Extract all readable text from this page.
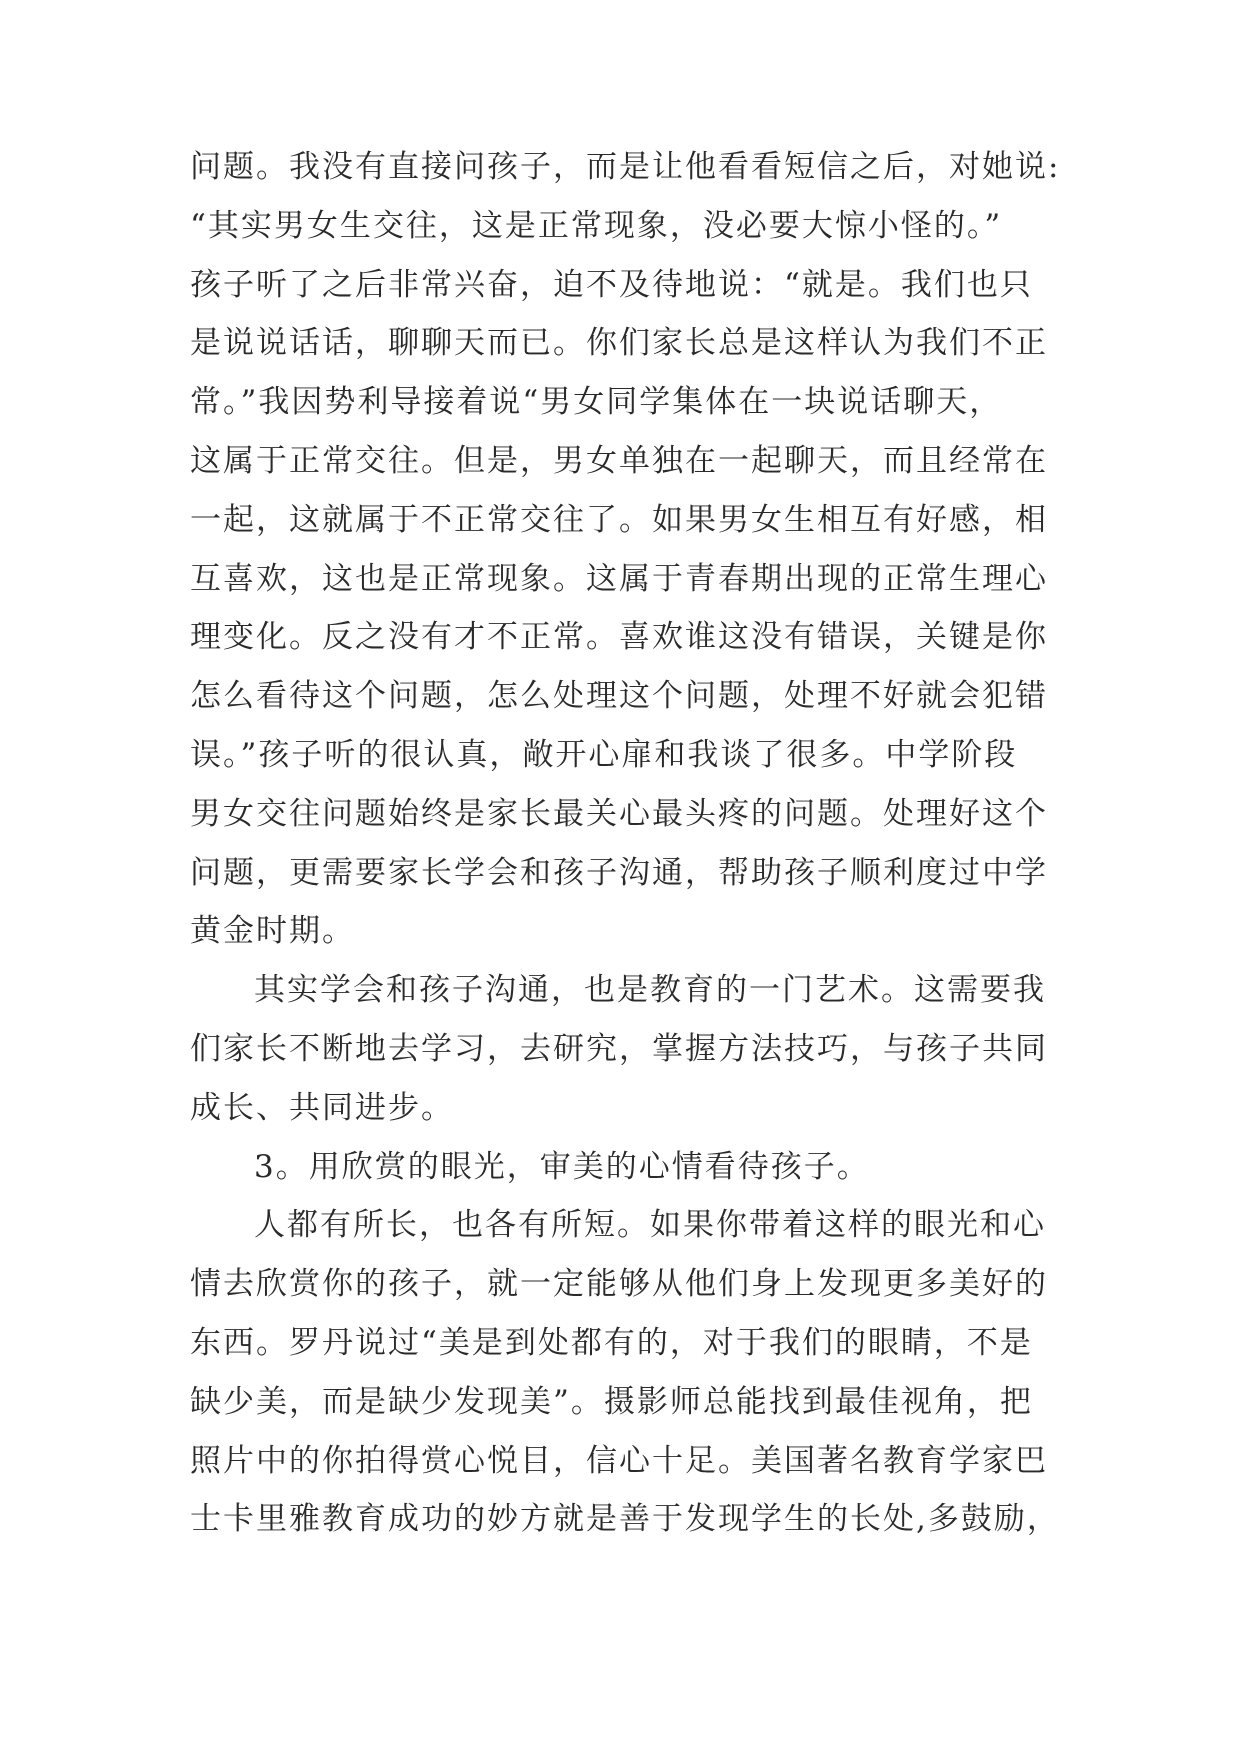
问题。我没有直接问孩子，而是让他看看短信之后，对她说:
“其实男女生交往，这是正常现象，没必要大惊小怪的。”
孩子听了之后非常兴奋，迫不及待地说：“就是。我们也只
是说说话话，聊聊天而已。你们家长总是这样认为我们不正
常。”我因势利导接着说“男女同学集体在一块说话聊天，
这属于正常交往。但是，男女单独在一起聊天，而且经常在
一起，这就属于不正常交往了。如果男女生相互有好感，相
互喜欢，这也是正常现象。这属于青春期出现的正常生理心
理变化。反之没有才不正常。喜欢谁这没有错误，关键是你
怎么看待这个问题，怎么处理这个问题，处理不好就会犯错
误。”孩子听的很认真，敞开心扉和我谈了很多。中学阶段
男女交往问题始终是家长最关心最头疼的问题。处理好这个
问题，更需要家长学会和孩子沟通，帮助孩子顺利度过中学
黄金时期。
其实学会和孩子沟通，也是教育的一门艺术。这需要我
们家长不断地去学习，去研究，掌握方法技巧，与孩子共同
成长、共同进步。
3。用欣赏的眼光，审美的心情看待孩子。
人都有所长，也各有所短。如果你带着这样的眼光和心
情去欣赏你的孩子，就一定能够从他们身上发现更多美好的
东西。罗丹说过“美是到处都有的，对于我们的眼睛，不是
缺少美，而是缺少发现美”。摄影师总能找到最佳视角，把
照片中的你拍得赏心悦目，信心十足。美国著名教育学家巴
士卡里雅教育成功的妙方就是善于发现学生的长处,多鼓励，
